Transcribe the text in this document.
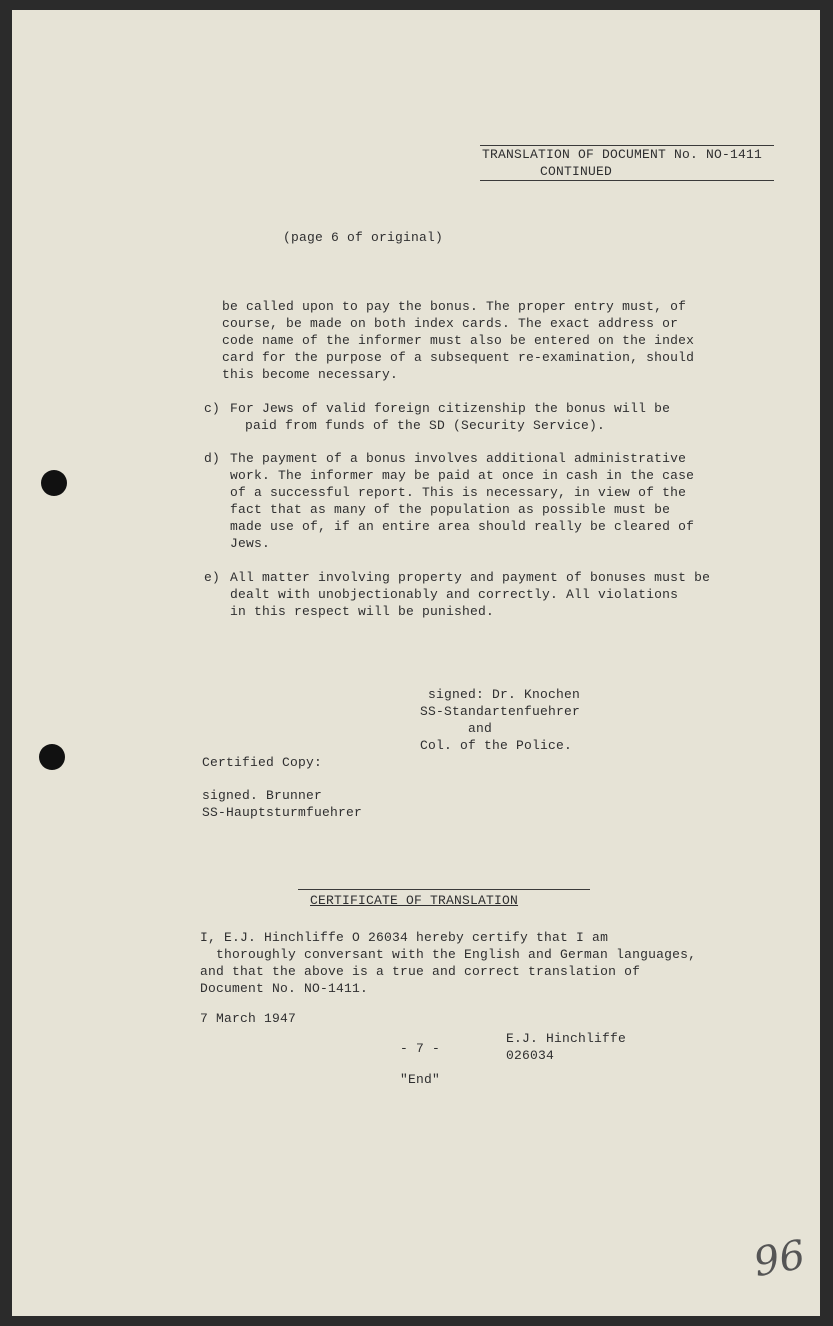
TRANSLATION OF DOCUMENT No. NO-1411
CONTINUED
(page 6 of original)
be called upon to pay the bonus. The proper entry must, of
course, be made on both index cards. The exact address or
code name of the informer must also be entered on the index
card for the purpose of a subsequent re-examination, should
this become necessary.
c) For Jews of valid foreign citizenship the bonus will be
paid from funds of the SD (Security Service).
d) The payment of a bonus involves additional administrative
work. The informer may be paid at once in cash in the case
of a successful report. This is necessary, in view of the
fact that as many of the population as possible must be
made use of, if an entire area should really be cleared of
Jews.
e) All matter involving property and payment of bonuses must be
dealt with unobjectionably and correctly. All violations
in this respect will be punished.
signed: Dr. Knochen
SS-Standartenfuehrer
and
Col. of the Police.
Certified Copy:
signed. Brunner
SS-Hauptsturmfuehrer
CERTIFICATE OF TRANSLATION
I, E.J. Hinchliffe O 26034 hereby certify that I am
thoroughly conversant with the English and German languages,
and that the above is a true and correct translation of
Document No. NO-1411.
7 March 1947
E.J. Hinchliffe
- 7 -	026034
"End"
96
